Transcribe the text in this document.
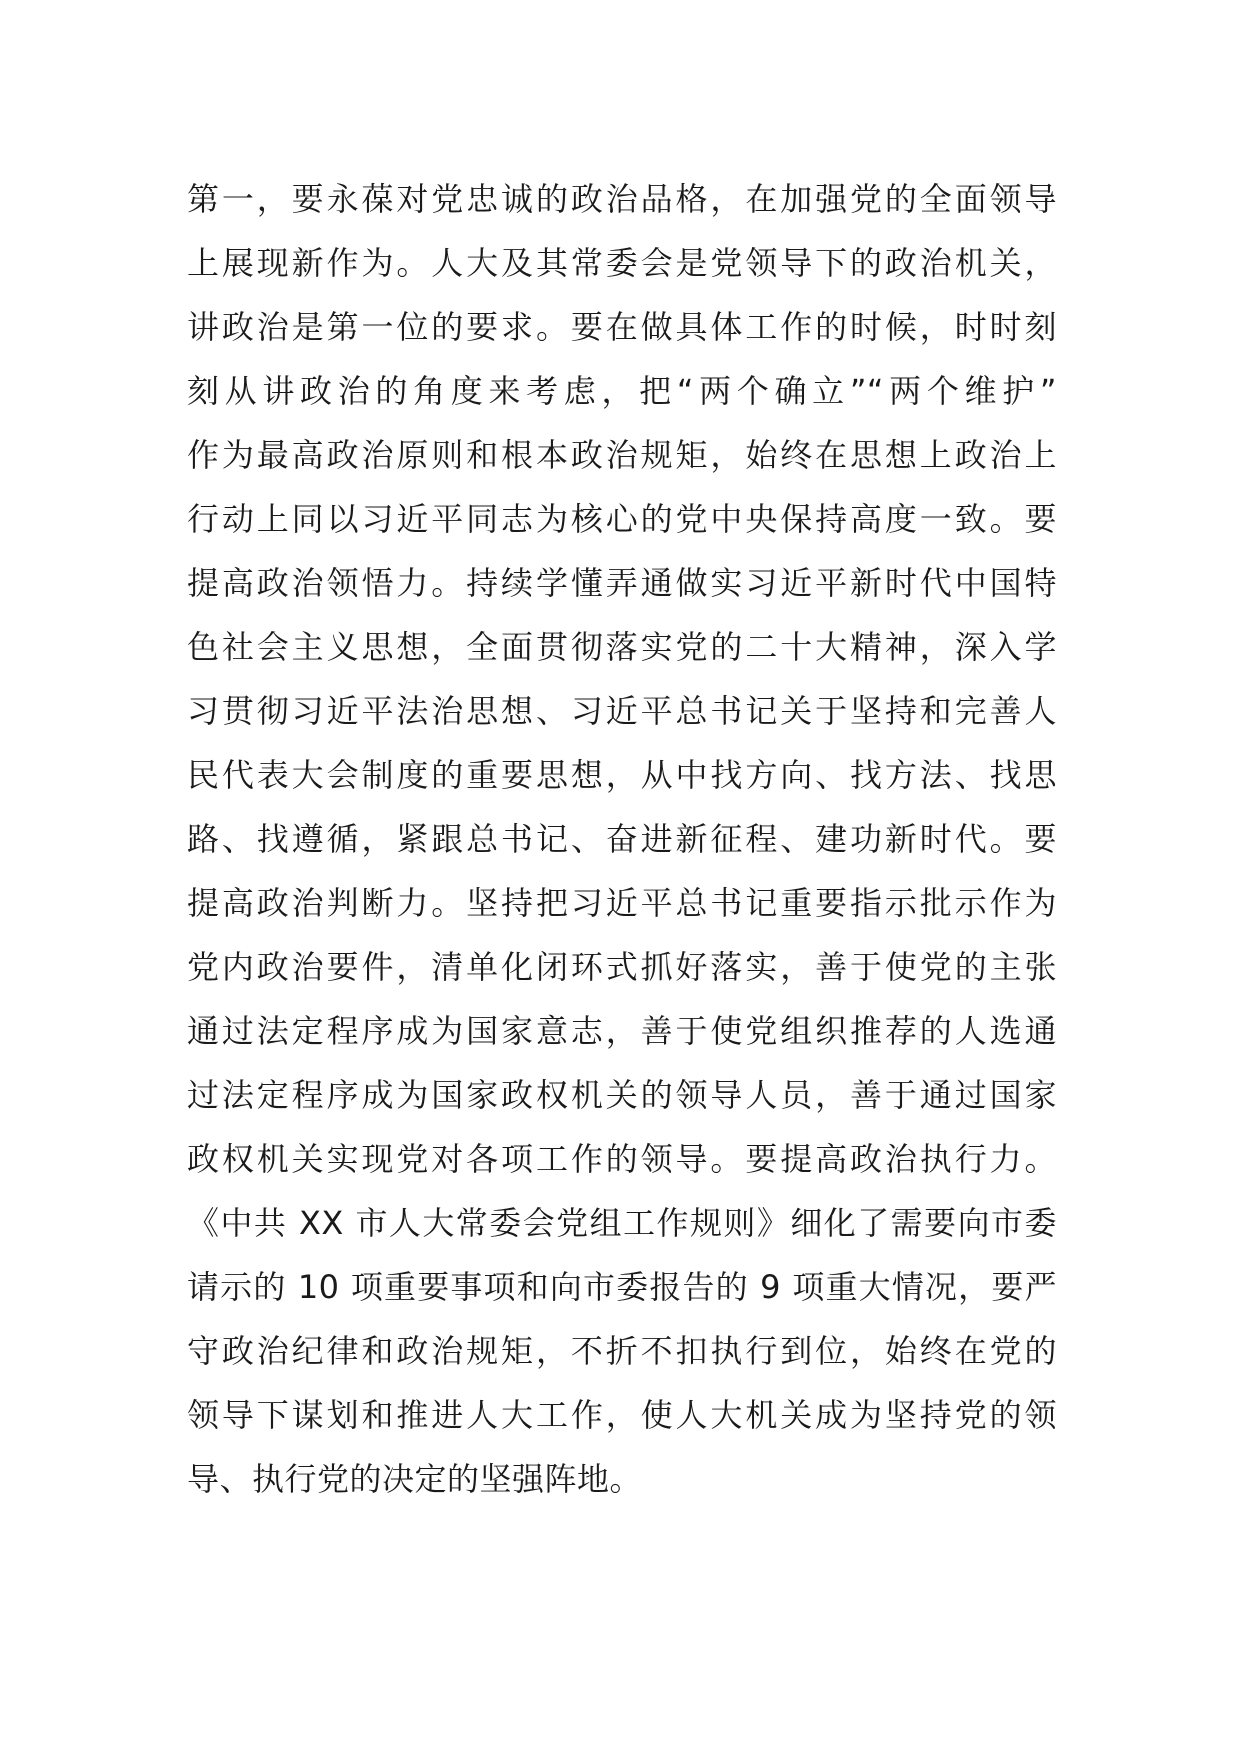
第一，要永葆对党忠诚的政治品格，在加强党的全面领导
上展现新作为。人大及其常委会是党领导下的政治机关，
讲政治是第一位的要求。要在做具体工作的时候，时时刻
刻从讲政治的角度来考虑，把“两个确立”“两个维护”
作为最高政治原则和根本政治规矩，始终在思想上政治上
行动上同以习近平同志为核心的党中央保持高度一致。要
提高政治领悟力。持续学懂弄通做实习近平新时代中国特
色社会主义思想，全面贯彻落实党的二十大精神，深入学
习贯彻习近平法治思想、习近平总书记关于坚持和完善人
民代表大会制度的重要思想，从中找方向、找方法、找思
路、找遵循，紧跟总书记、奋进新征程、建功新时代。要
提高政治判断力。坚持把习近平总书记重要指示批示作为
党内政治要件，清单化闭环式抓好落实，善于使党的主张
通过法定程序成为国家意志，善于使党组织推荐的人选通
过法定程序成为国家政权机关的领导人员，善于通过国家
政权机关实现党对各项工作的领导。要提高政治执行力。
《中共 XX 市人大常委会党组工作规则》细化了需要向市委
请示的 10 项重要事项和向市委报告的 9 项重大情况，要严
守政治纪律和政治规矩，不折不扣执行到位，始终在党的
领导下谋划和推进人大工作，使人大机关成为坚持党的领
导、执行党的决定的坚强阵地。
